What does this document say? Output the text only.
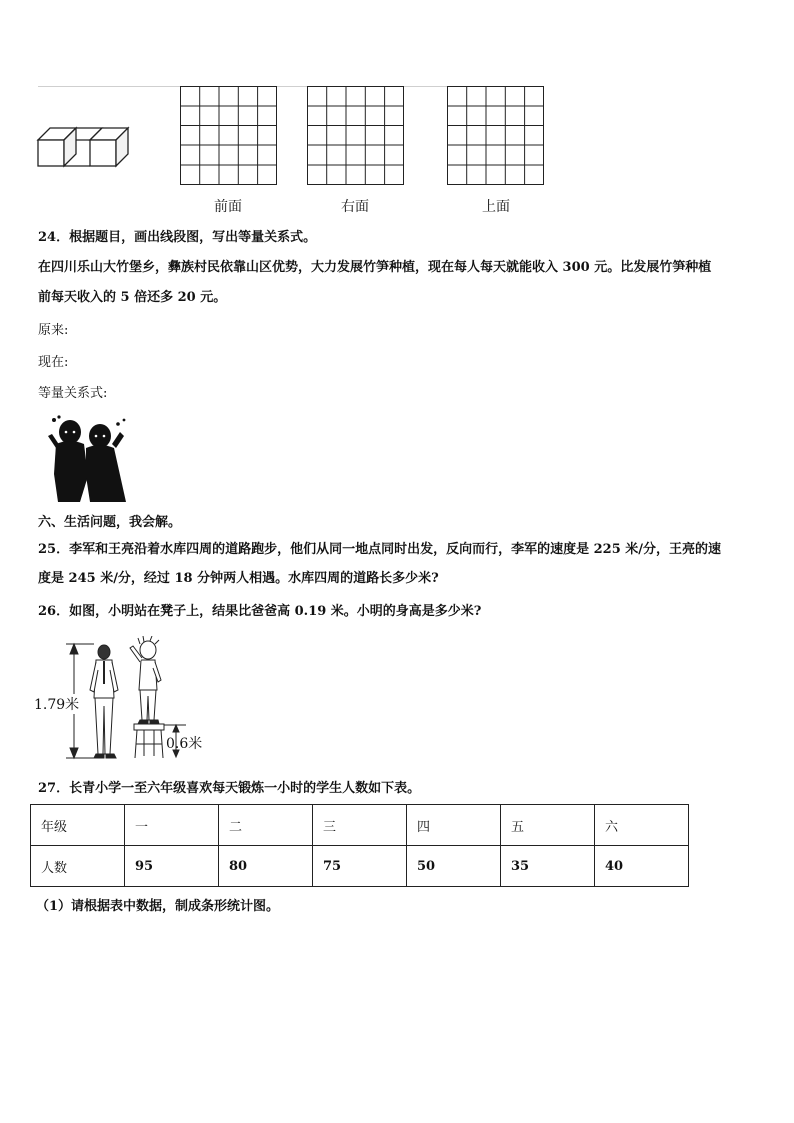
前面	右面	上面
24．根据题目，画出线段图，写出等量关系式。
在四川乐山大竹堡乡，彝族村民依靠山区优势，大力发展竹笋种植，现在每人每天就能收入 300 元。比发展竹笋种植
前每天收入的 5 倍还多 20 元。
原来:
现在:
等量关系式:
六、生活问题，我会解。
25．李军和王亮沿着水库四周的道路跑步，他们从同一地点同时出发，反向而行，李军的速度是 225 米/分，王亮的速
度是 245 米/分，经过 18 分钟两人相遇。水库四周的道路长多少米?
26．如图，小明站在凳子上，结果比爸爸高 0.19 米。小明的身高是多少米?
1.79米
0.6米
27．长青小学一至六年级喜欢每天锻炼一小时的学生人数如下表。
年级	一	二	三	四	五	六
人数	95	80	75	50	35	40
（1）请根据表中数据，制成条形统计图。
